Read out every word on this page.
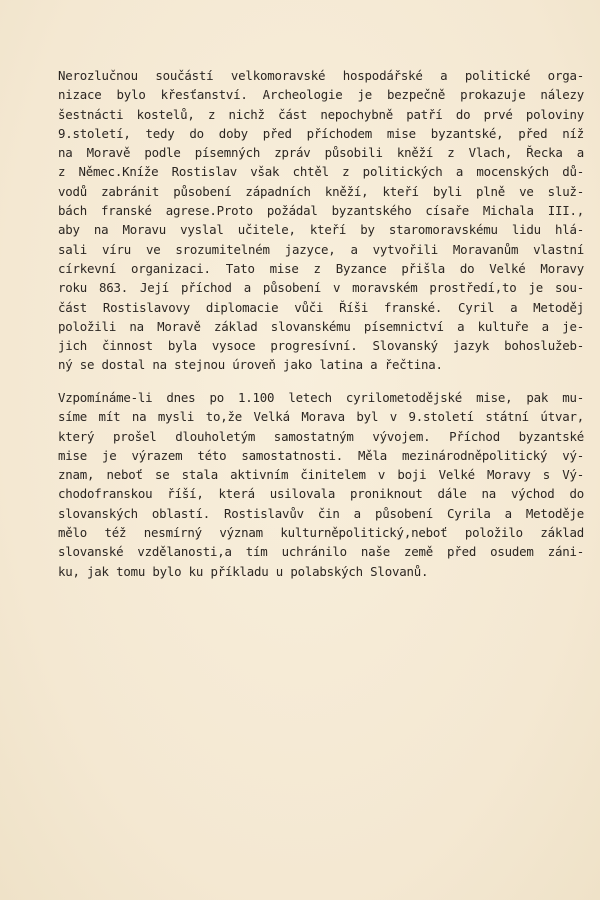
Nerozlučnou součástí velkomoravské hospodářské a politické orga-
nizace bylo křesťanství. Archeologie je bezpečně prokazuje nálezy
šestnácti kostelů, z nichž část nepochybně patří do prvé poloviny
9.století, tedy do doby před příchodem mise byzantské, před níž
na Moravě podle písemných zpráv působili kněží z Vlach, Řecka a
z Němec.Kníže Rostislav však chtěl z politických a mocenských dů-
vodů zabránit působení západních kněží, kteří byli plně ve služ-
bách franské agrese.Proto požádal byzantského císaře Michala III.,
aby na Moravu vyslal učitele, kteří by staromoravskému lidu hlá-
sali víru ve srozumitelném jazyce, a vytvořili Moravanům vlastní
církevní organizaci. Tato mise z Byzance přišla do Velké Moravy
roku 863. Její příchod a působení v moravském prostředí,to je sou-
část Rostislavovy diplomacie vůči Říši franské. Cyril a Metoděj
položili na Moravě základ slovanskému písemnictví a kultuře a je-
jich činnost byla vysoce progresívní. Slovanský jazyk bohoslužeb-
ný se dostal na stejnou úroveň jako latina a řečtina.
Vzpomínáme-li dnes po 1.100 letech cyrilometodějské mise, pak mu-
síme mít na mysli to,že Velká Morava byl v 9.století státní útvar,
který prošel dlouholetým samostatným vývojem. Příchod byzantské
mise je výrazem této samostatnosti. Měla mezinárodněpolitický vý-
znam, neboť se stala aktivním činitelem v boji Velké Moravy s Vý-
chodofranskou říší, která usilovala proniknout dále na východ do
slovanských oblastí. Rostislavův čin a působení Cyrila a Metoděje
mělo též nesmírný význam kulturněpolitický,neboť položilo základ
slovanské vzdělanosti,a tím uchránilo naše země před osudem záni-
ku, jak tomu bylo ku příkladu u polabských Slovanů.
